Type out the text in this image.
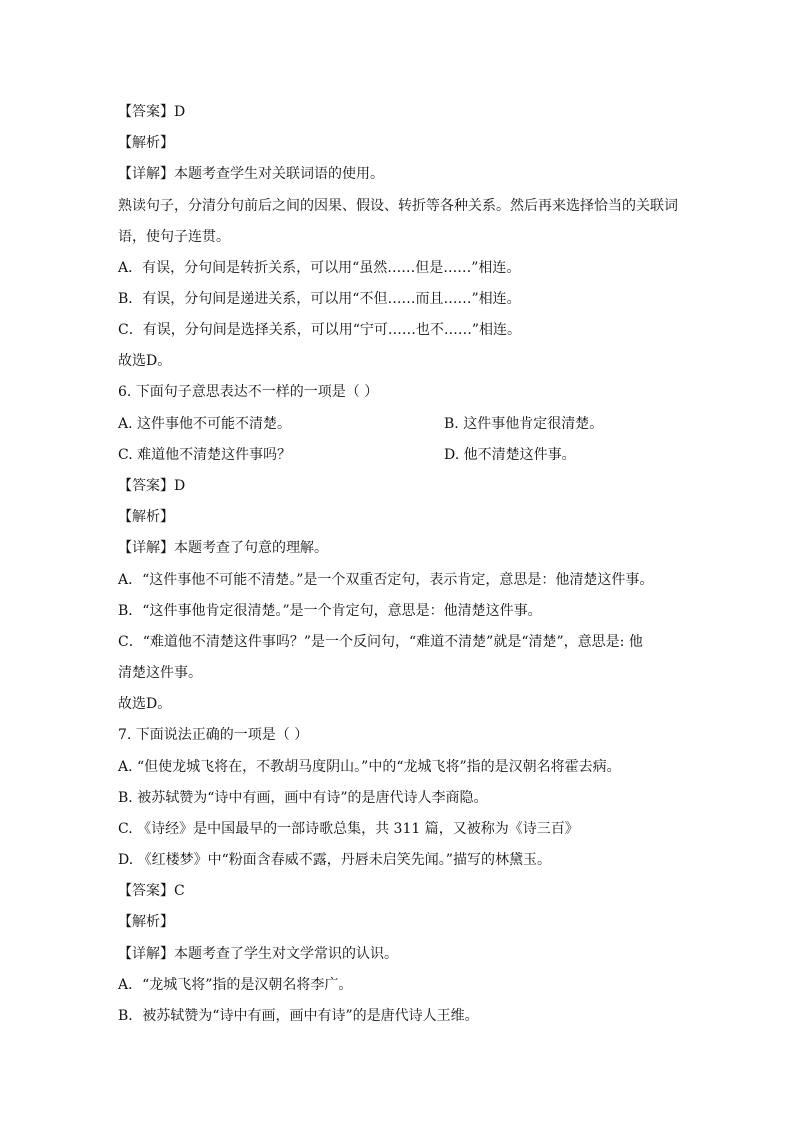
【答案】D
【解析】
【详解】本题考查学生对关联词语的使用。
熟读句子，分清分句前后之间的因果、假设、转折等各种关系。然后再来选择恰当的关联词
语，使句子连贯。
A．有误，分句间是转折关系，可以用“虽然……但是……”相连。
B．有误，分句间是递进关系，可以用“不但……而且……”相连。
C．有误，分句间是选择关系，可以用“宁可……也不……”相连。
故选D。
6. 下面句子意思表达不一样的一项是（ ）
A. 这件事他不可能不清楚。	B. 这件事他肯定很清楚。
C. 难道他不清楚这件事吗？	D. 他不清楚这件事。
【答案】D
【解析】
【详解】本题考查了句意的理解。
A．“这件事他不可能不清楚。”是一个双重否定句，表示肯定，意思是：他清楚这件事。
B．“这件事他肯定很清楚。”是一个肯定句，意思是：他清楚这件事。
C．“难道他不清楚这件事吗？”是一个反问句，“难道不清楚”就是“清楚”，意思是: 他
清楚这件事。
故选D。
7. 下面说法正确的一项是（ ）
A. “但使龙城飞将在，不教胡马度阴山。”中的“龙城飞将”指的是汉朝名将霍去病。
B. 被苏轼赞为“诗中有画，画中有诗”的是唐代诗人李商隐。
C. 《诗经》是中国最早的一部诗歌总集，共 311 篇，又被称为《诗三百》
D. 《红楼梦》中“粉面含春威不露，丹唇未启笑先闻。”描写的林黛玉。
【答案】C
【解析】
【详解】本题考查了学生对文学常识的认识。
A．“龙城飞将”指的是汉朝名将李广。
B．被苏轼赞为“诗中有画，画中有诗”的是唐代诗人王维。
